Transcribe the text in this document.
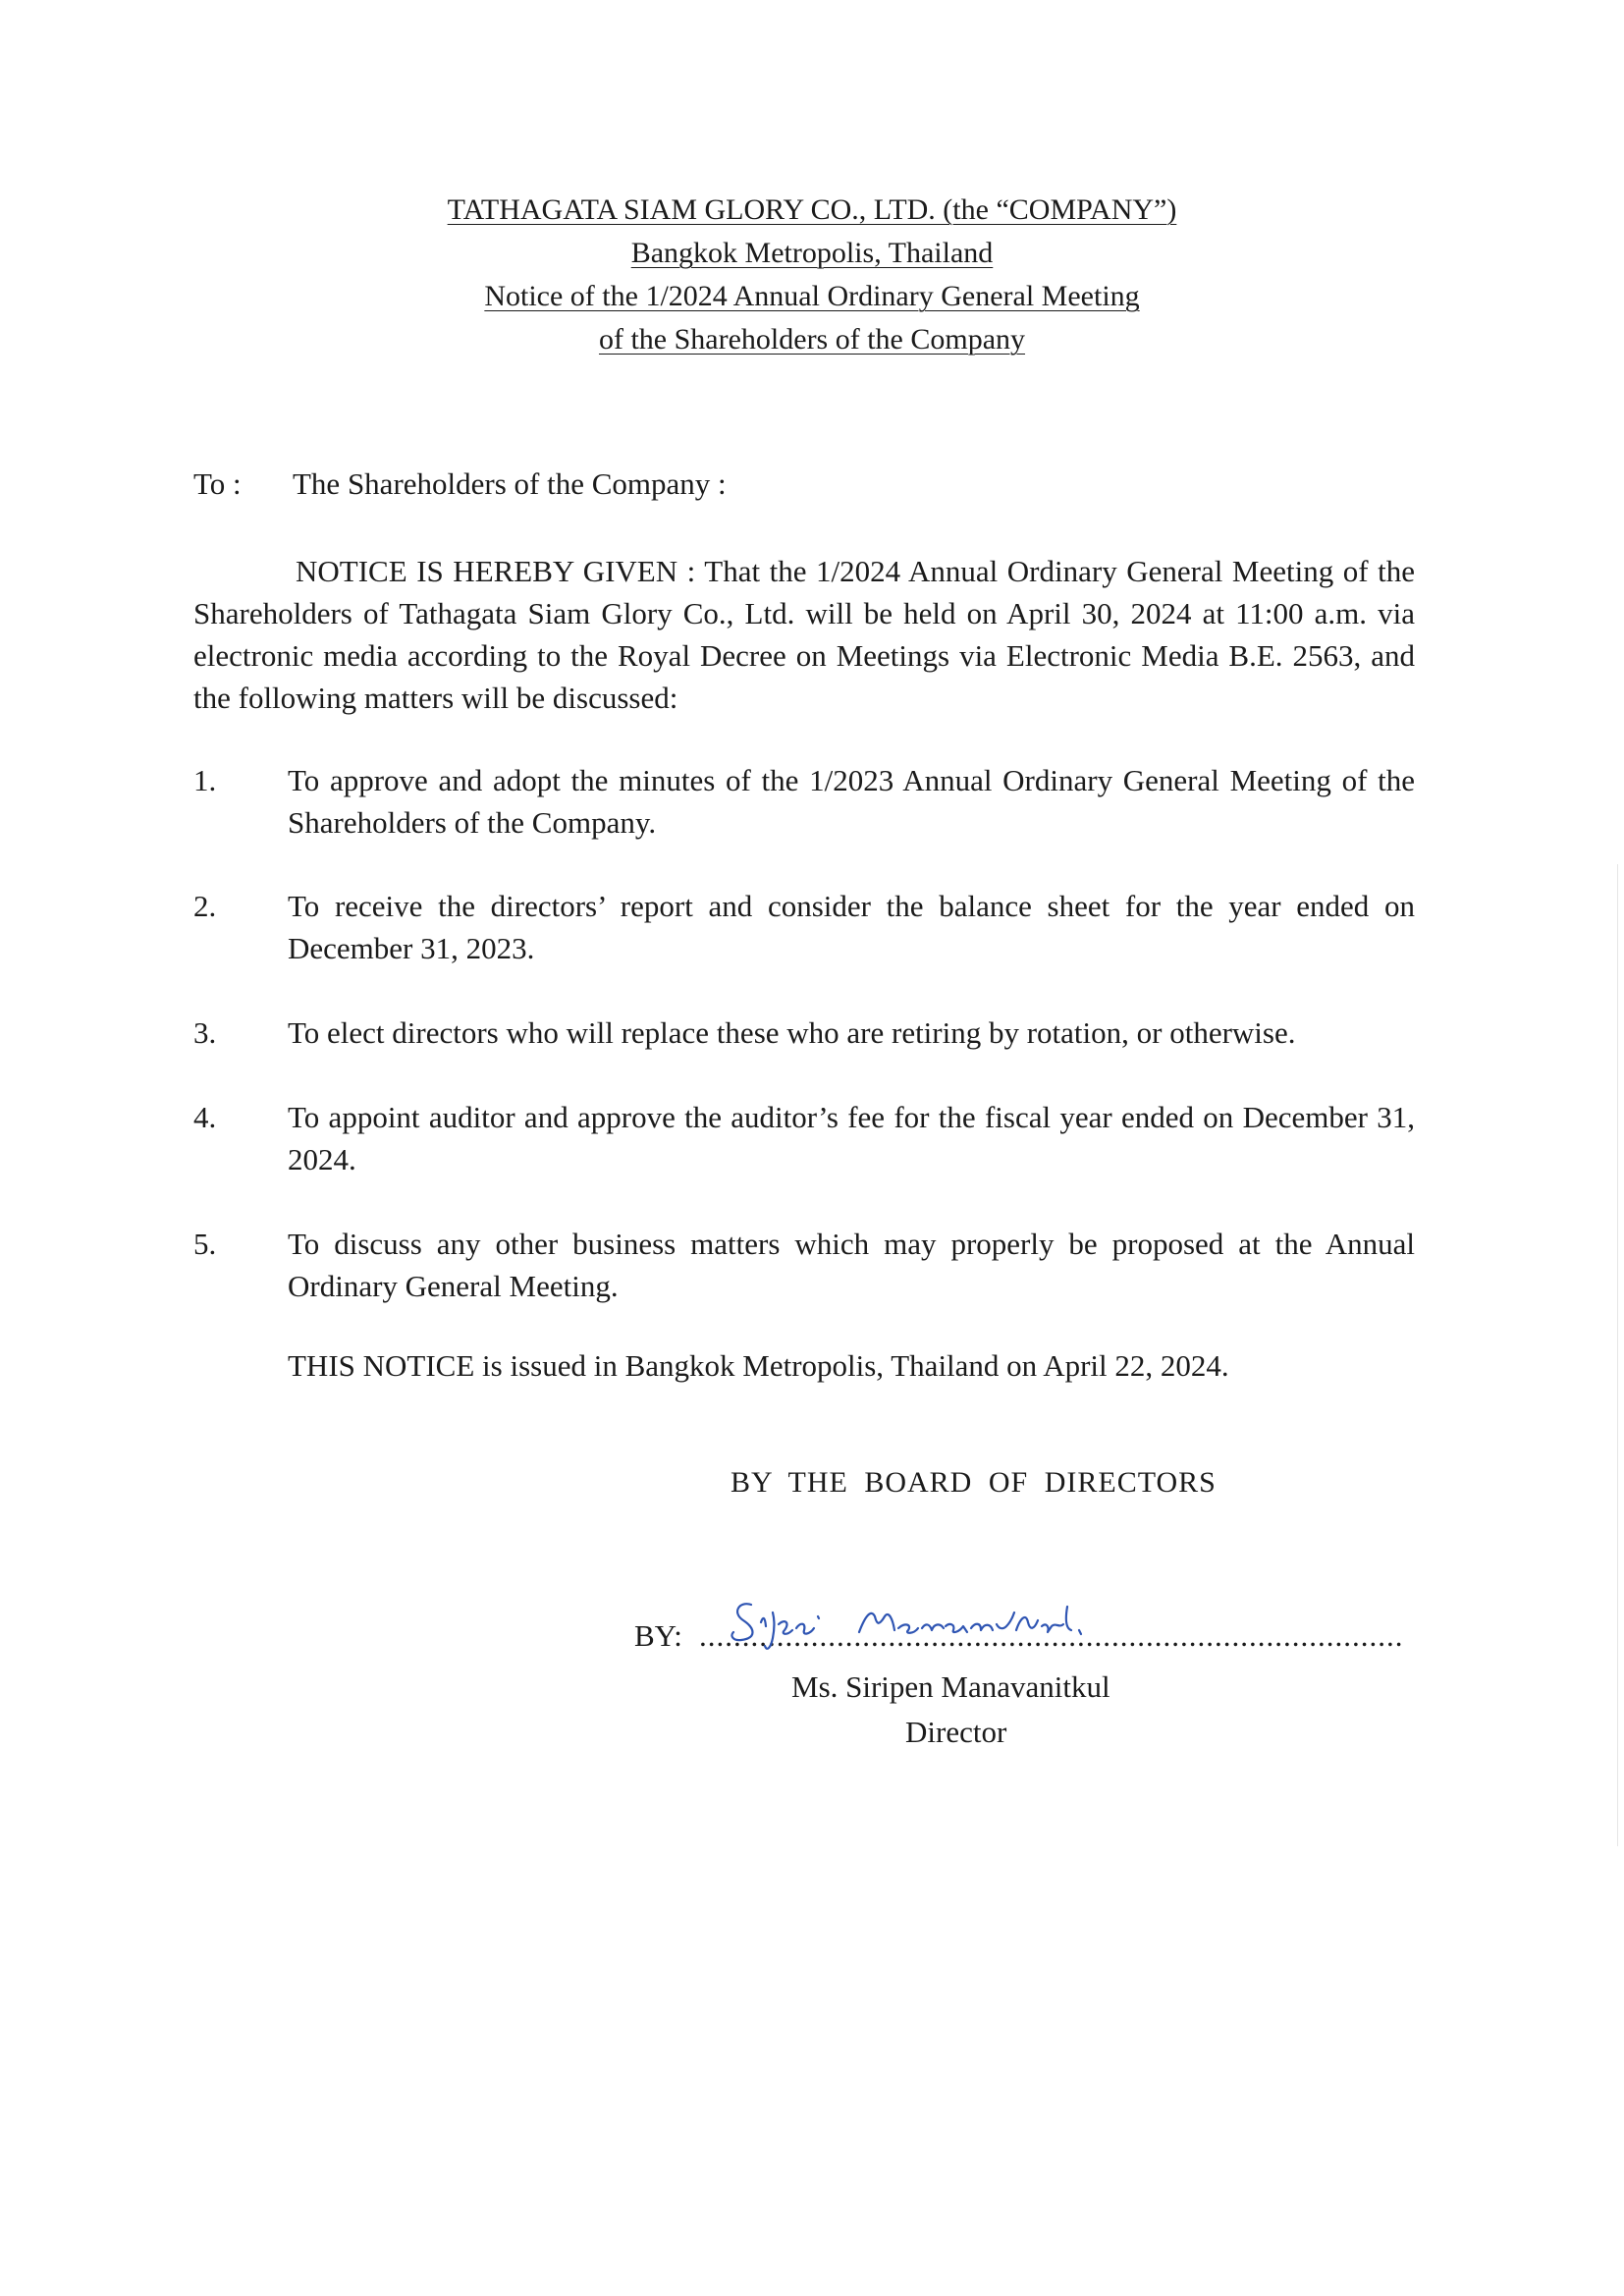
TATHAGATA SIAM GLORY CO., LTD. (the “COMPANY”)
Bangkok Metropolis, Thailand
Notice of the 1/2024 Annual Ordinary General Meeting
of the Shareholders of the Company
To : The Shareholders of the Company :
NOTICE IS HEREBY GIVEN : That the 1/2024 Annual Ordinary General Meeting of the Shareholders of Tathagata Siam Glory Co., Ltd. will be held on April 30, 2024 at 11:00 a.m. via electronic media according to the Royal Decree on Meetings via Electronic Media B.E. 2563, and the following matters will be discussed:
1.	To approve and adopt the minutes of the 1/2023 Annual Ordinary General Meeting of the Shareholders of the Company.
2.	To receive the directors’ report and consider the balance sheet for the year ended on December 31, 2023.
3.	To elect directors who will replace these who are retiring by rotation, or otherwise.
4.	To appoint auditor and approve the auditor’s fee for the fiscal year ended on December 31, 2024.
5.	To discuss any other business matters which may properly be proposed at the Annual Ordinary General Meeting.
THIS NOTICE is issued in Bangkok Metropolis, Thailand on April 22, 2024.
BY THE BOARD OF DIRECTORS
BY: ..................................................................................
Ms. Siripen Manavanitkul
Director
